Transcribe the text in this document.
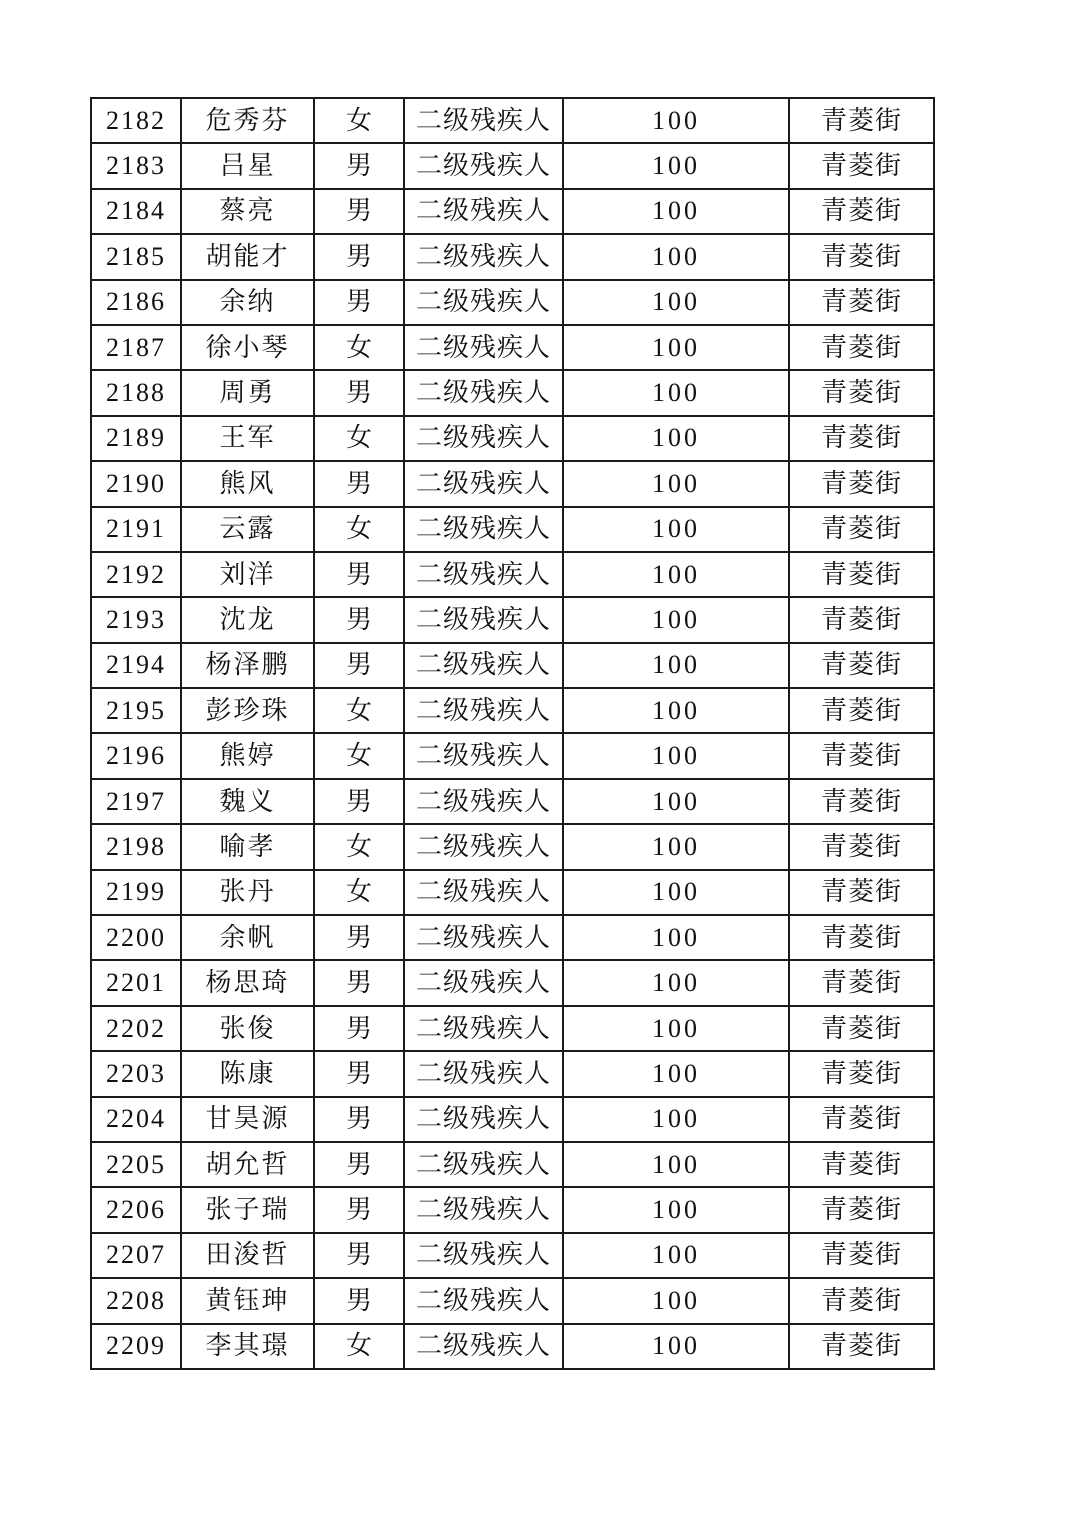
2182	危秀芬	女	二级残疾人	100	青菱街
2183	吕星	男	二级残疾人	100	青菱街
2184	蔡亮	男	二级残疾人	100	青菱街
2185	胡能才	男	二级残疾人	100	青菱街
2186	余纳	男	二级残疾人	100	青菱街
2187	徐小琴	女	二级残疾人	100	青菱街
2188	周勇	男	二级残疾人	100	青菱街
2189	王军	女	二级残疾人	100	青菱街
2190	熊风	男	二级残疾人	100	青菱街
2191	云露	女	二级残疾人	100	青菱街
2192	刘洋	男	二级残疾人	100	青菱街
2193	沈龙	男	二级残疾人	100	青菱街
2194	杨泽鹏	男	二级残疾人	100	青菱街
2195	彭珍珠	女	二级残疾人	100	青菱街
2196	熊婷	女	二级残疾人	100	青菱街
2197	魏义	男	二级残疾人	100	青菱街
2198	喻孝	女	二级残疾人	100	青菱街
2199	张丹	女	二级残疾人	100	青菱街
2200	余帆	男	二级残疾人	100	青菱街
2201	杨思琦	男	二级残疾人	100	青菱街
2202	张俊	男	二级残疾人	100	青菱街
2203	陈康	男	二级残疾人	100	青菱街
2204	甘昊源	男	二级残疾人	100	青菱街
2205	胡允哲	男	二级残疾人	100	青菱街
2206	张子瑞	男	二级残疾人	100	青菱街
2207	田浚哲	男	二级残疾人	100	青菱街
2208	黄钰珅	男	二级残疾人	100	青菱街
2209	李其璟	女	二级残疾人	100	青菱街
